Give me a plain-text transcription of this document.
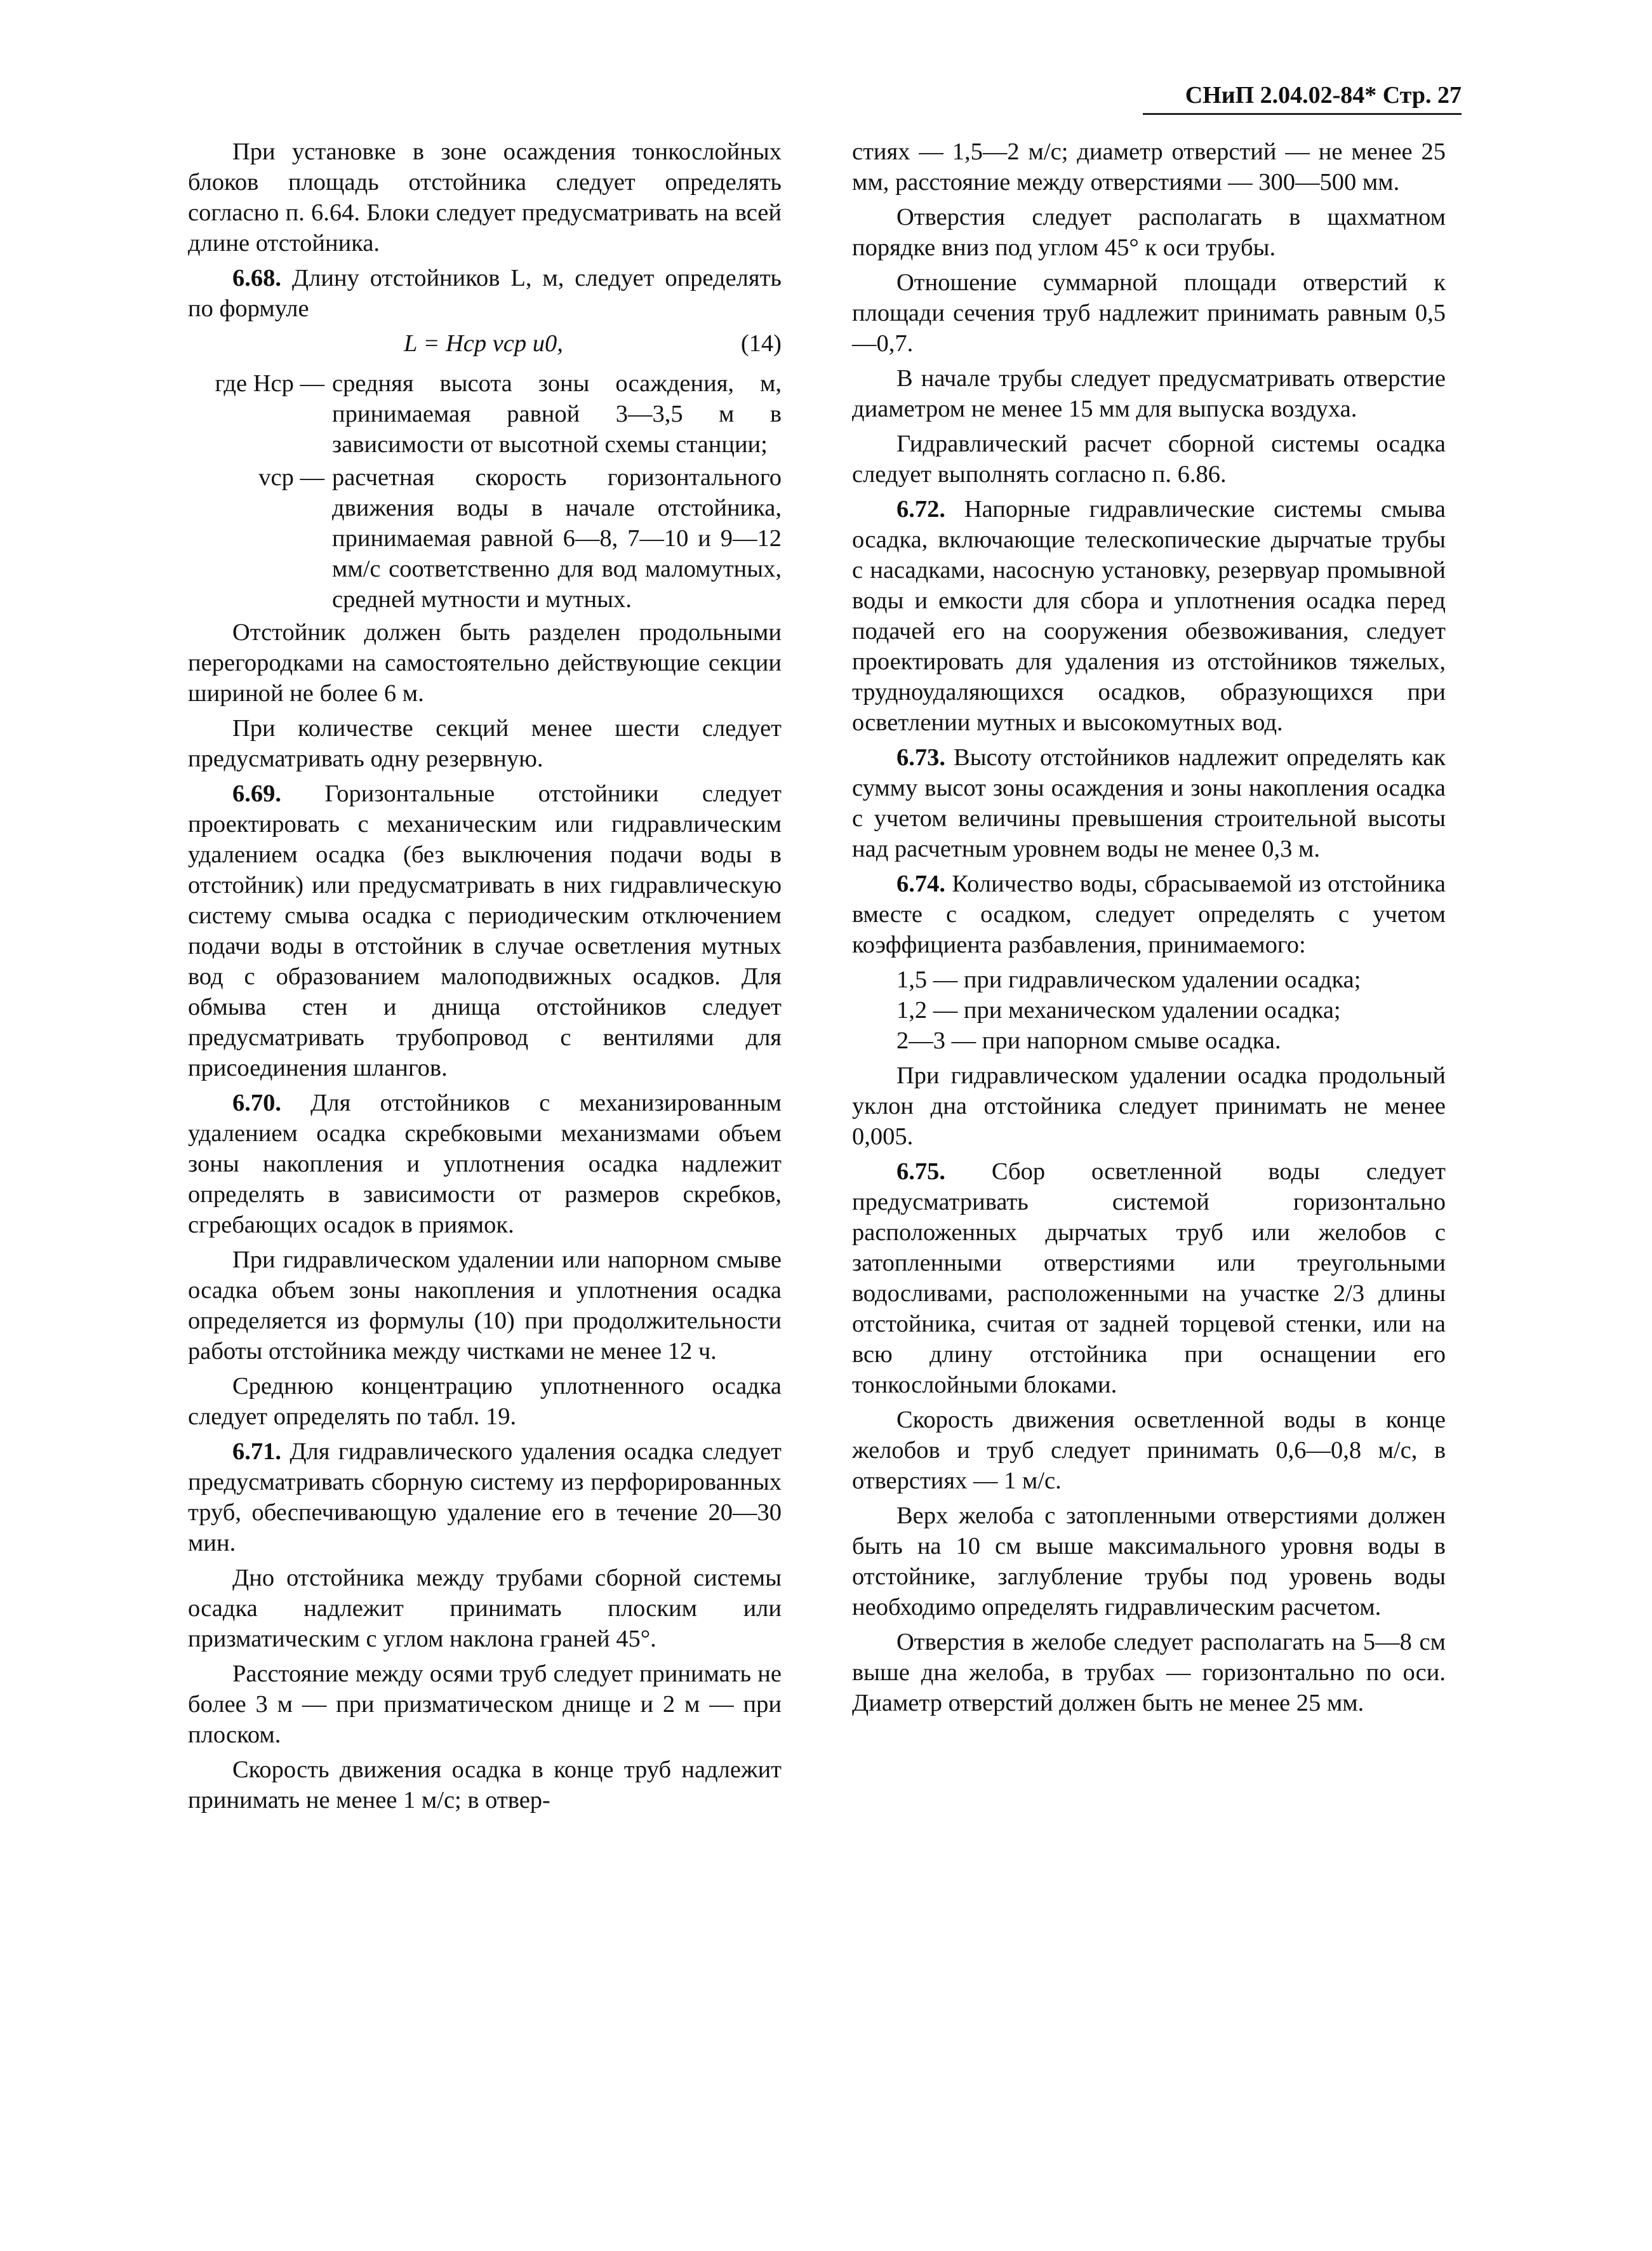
СНиП 2.04.02-84* Стр. 27

При установке в зоне осаждения тонкослойных блоков площадь отстойника следует определять согласно п. 6.64. Блоки следует предусматривать на всей длине отстойника.

6.68. Длину отстойников L, м, следует определять по формуле

L = Hср vср u0,	(14)
где Hср — средняя высота зоны осаждения, м, принимаемая равной 3—3,5 м в зависимости от высотной схемы станции;
vср — расчетная скорость горизонтального движения воды в начале отстойника, принимаемая равной 6—8, 7—10 и 9—12 мм/с соответственно для вод маломутных, средней мутности и мутных.

Отстойник должен быть разделен продольными перегородками на самостоятельно действующие секции шириной не более 6 м.

При количестве секций менее шести следует предусматривать одну резервную.

6.69. Горизонтальные отстойники следует проектировать с механическим или гидравлическим удалением осадка (без выключения подачи воды в отстойник) или предусматривать в них гидравлическую систему смыва осадка с периодическим отключением подачи воды в отстойник в случае осветления мутных вод с образованием малоподвижных осадков. Для обмыва стен и днища отстойников следует предусматривать трубопровод с вентилями для присоединения шлангов.

6.70. Для отстойников с механизированным удалением осадка скребковыми механизмами объем зоны накопления и уплотнения осадка надлежит определять в зависимости от размеров скребков, сгребающих осадок в приямок.

При гидравлическом удалении или напорном смыве осадка объем зоны накопления и уплотнения осадка определяется из формулы (10) при продолжительности работы отстойника между чистками не менее 12 ч.

Среднюю концентрацию уплотненного осадка следует определять по табл. 19.

6.71. Для гидравлического удаления осадка следует предусматривать сборную систему из перфорированных труб, обеспечивающую удаление его в течение 20—30 мин.

Дно отстойника между трубами сборной системы осадка надлежит принимать плоским или призматическим с углом наклона граней 45°.

Расстояние между осями труб следует принимать не более 3 м — при призматическом днище и 2 м — при плоском.

Скорость движения осадка в конце труб надлежит принимать не менее 1 м/с; в отвер-

стиях — 1,5—2 м/с; диаметр отверстий — не менее 25 мм, расстояние между отверстиями — 300—500 мм.

Отверстия следует располагать в щахматном порядке вниз под углом 45° к оси трубы.

Отношение суммарной площади отверстий к площади сечения труб надлежит принимать равным 0,5—0,7.

В начале трубы следует предусматривать отверстие диаметром не менее 15 мм для выпуска воздуха.

Гидравлический расчет сборной системы осадка следует выполнять согласно п. 6.86.

6.72. Напорные гидравлические системы смыва осадка, включающие телескопические дырчатые трубы с насадками, насосную установку, резервуар промывной воды и емкости для сбора и уплотнения осадка перед подачей его на сооружения обезвоживания, следует проектировать для удаления из отстойников тяжелых, трудноудаляющихся осадков, образующихся при осветлении мутных и высокомутных вод.

6.73. Высоту отстойников надлежит определять как сумму высот зоны осаждения и зоны накопления осадка с учетом величины превышения строительной высоты над расчетным уровнем воды не менее 0,3 м.

6.74. Количество воды, сбрасываемой из отстойника вместе с осадком, следует определять с учетом коэффициента разбавления, принимаемого:

1,5 — при гидравлическом удалении осадка;
1,2 — при механическом удалении осадка;
2—3 — при напорном смыве осадка.

При гидравлическом удалении осадка продольный уклон дна отстойника следует принимать не менее 0,005.

6.75. Сбор осветленной воды следует предусматривать системой горизонтально расположенных дырчатых труб или желобов с затопленными отверстиями или треугольными водосливами, расположенными на участке 2/3 длины отстойника, считая от задней торцевой стенки, или на всю длину отстойника при оснащении его тонкослойными блоками.

Скорость движения осветленной воды в конце желобов и труб следует принимать 0,6—0,8 м/с, в отверстиях — 1 м/с.

Верх желоба с затопленными отверстиями должен быть на 10 см выше максимального уровня воды в отстойнике, заглубление трубы под уровень воды необходимо определять гидравлическим расчетом.

Отверстия в желобе следует располагать на 5—8 см выше дна желоба, в трубах — горизонтально по оси. Диаметр отверстий должен быть не менее 25 мм.
